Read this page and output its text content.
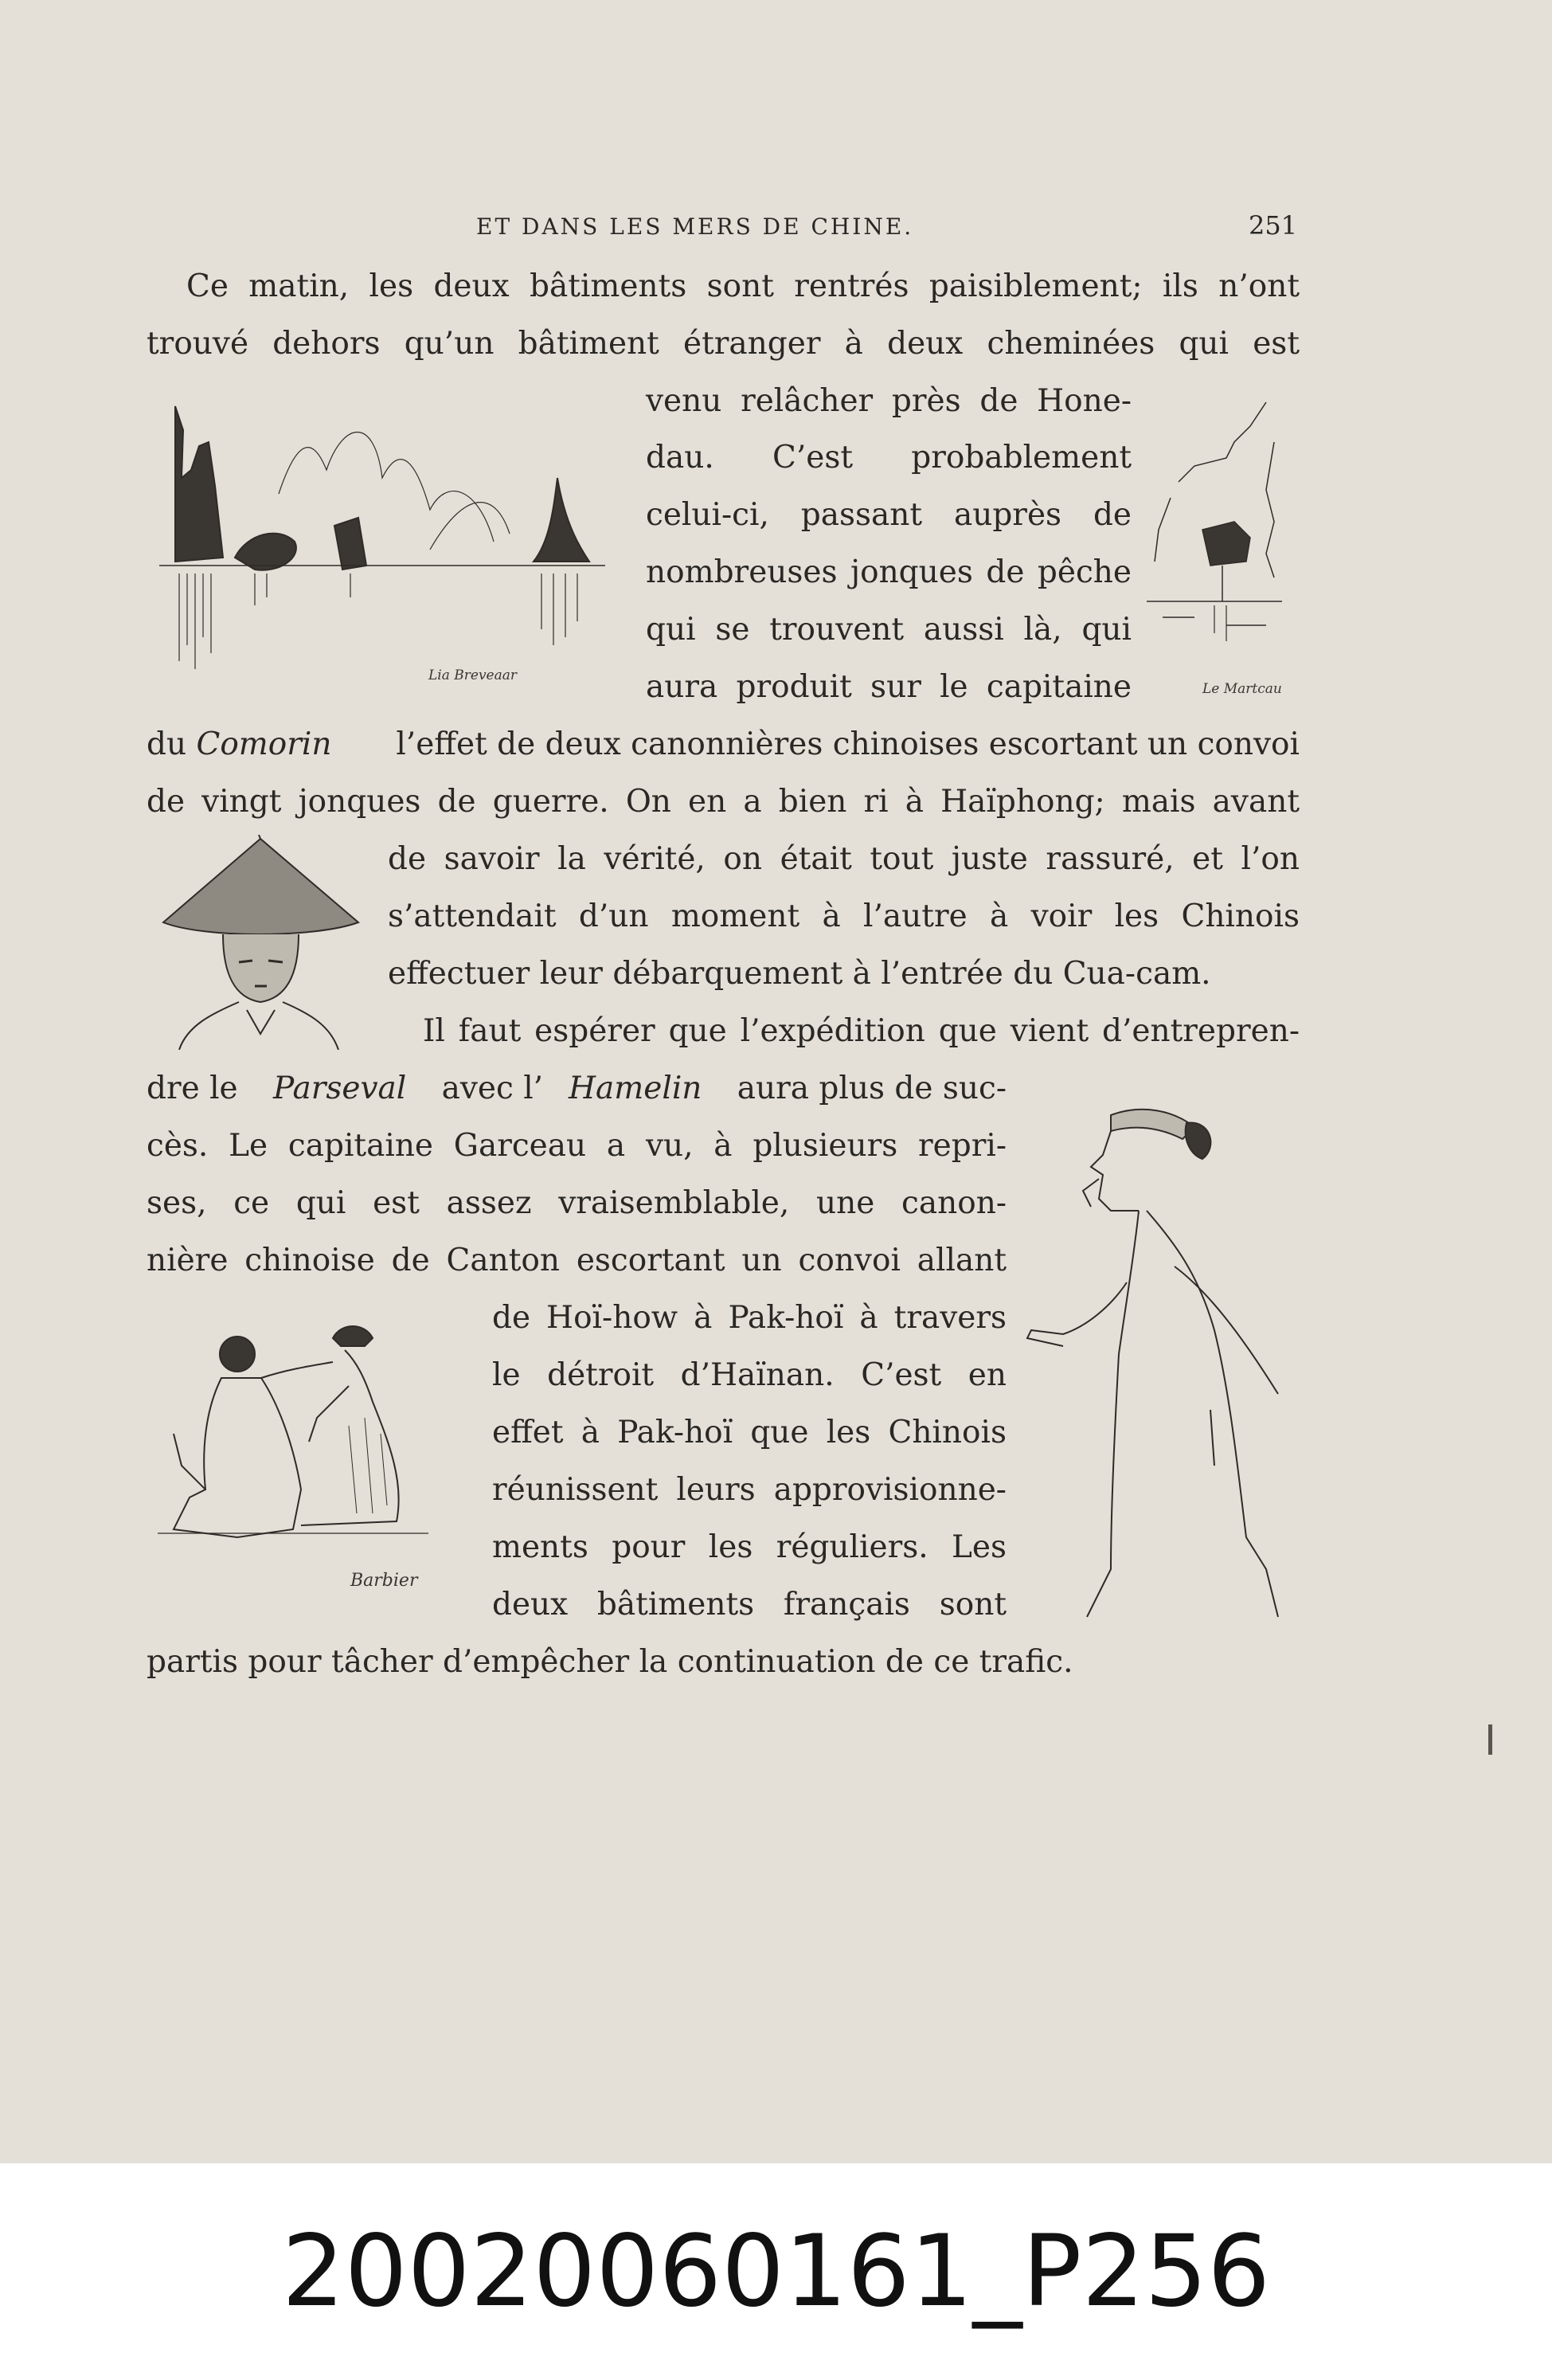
ET DANS LES MERS DE CHINE.	251
Ce matin, les deux bâtiments sont rentrés paisiblement; ils n’ont
trouvé dehors qu’un bâtiment étranger à deux cheminées qui est
venu relâcher près de Hone-
dau. C’est probablement
celui-ci, passant auprès de
nombreuses jonques de pêche
qui se trouvent aussi là, qui
aura produit sur le capitaine
du Comorin l’effet de deux canonnières chinoises escortant un convoi
de vingt jonques de guerre. On en a bien ri à Haïphong; mais avant
de savoir la vérité, on était tout juste rassuré, et l’on
s’attendait d’un moment à l’autre à voir les Chinois
effectuer leur débarquement à l’entrée du Cua-cam.
Il faut espérer que l’expédition que vient d’entrepren-
dre le Parseval avec l’ Hamelin aura plus de suc-
cès. Le capitaine Garceau a vu, à plusieurs repri-
ses, ce qui est assez vraisemblable, une canon-
nière chinoise de Canton escortant un convoi allant
de Hoï-how à Pak-hoï à travers
le détroit d’Haïnan. C’est en
effet à Pak-hoï que les Chinois
réunissent leurs approvisionne-
ments pour les réguliers. Les
deux bâtiments français sont
partis pour tâcher d’empêcher la continuation de ce trafic.
Lia Breveaar
Le Martcau
Barbier
20020060161_P256
